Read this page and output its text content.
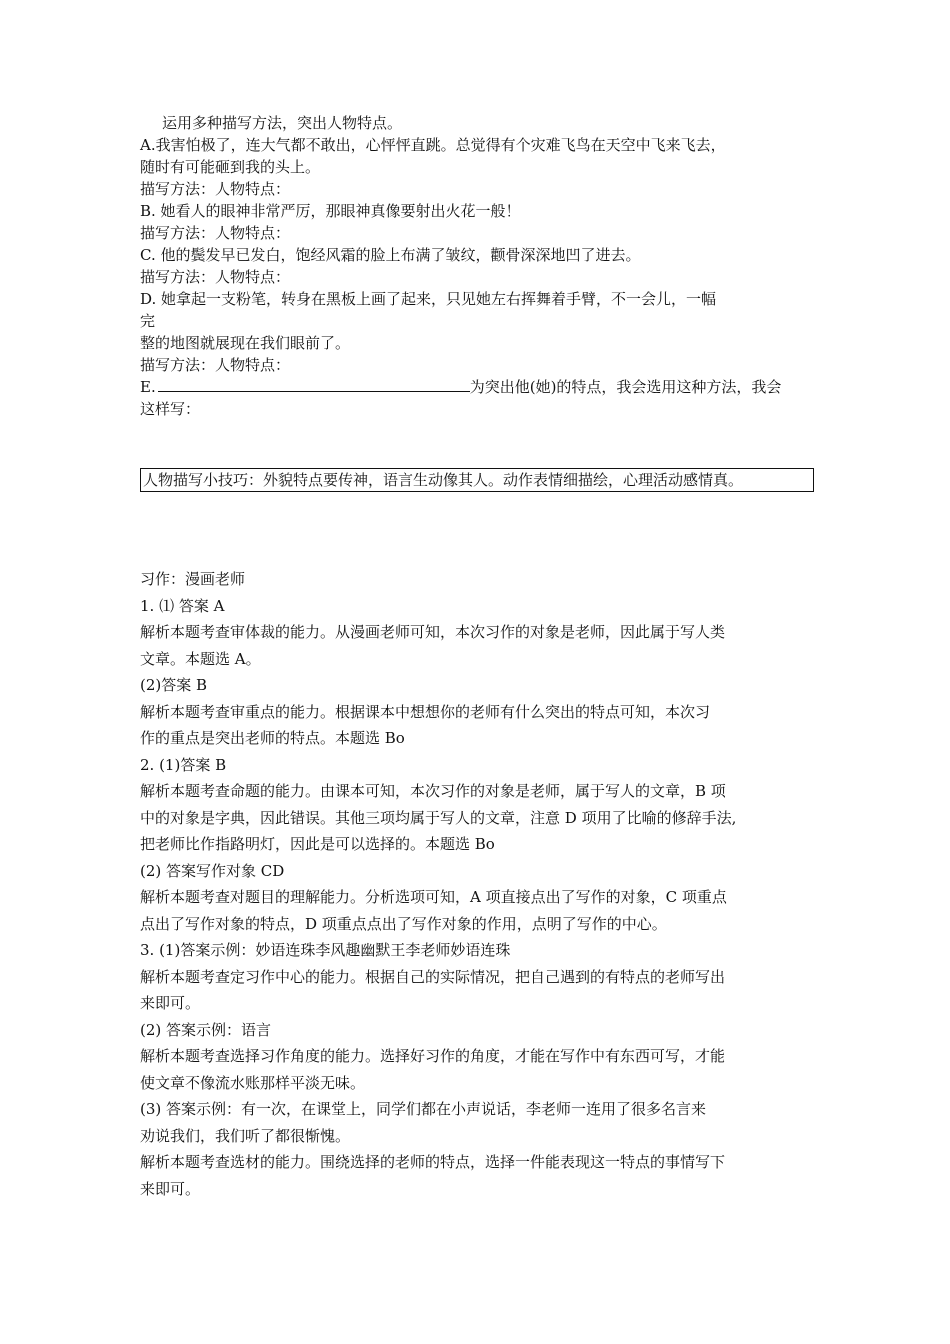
运用多种描写方法，突出人物特点。
A.我害怕极了，连大气都不敢出，心怦怦直跳。总觉得有个灾难飞鸟在天空中飞来飞去，
随时有可能砸到我的头上。
描写方法：人物特点：
B. 她看人的眼神非常严厉，那眼神真像要射出火花一般！
描写方法：人物特点：
C. 他的鬓发早已发白，饱经风霜的脸上布满了皱纹，颧骨深深地凹了进去。
描写方法：人物特点：
D. 她拿起一支粉笔，转身在黑板上画了起来，只见她左右挥舞着手臂，不一会儿，一幅
完
整的地图就展现在我们眼前了。
描写方法：人物特点：
E.	为突出他(她)的特点，我会选用这种方法，我会
这样写：
人物描写小技巧：外貌特点要传神，语言生动像其人。动作表情细描绘，心理活动感情真。
习作：漫画老师
1. ⑴ 答案 A
解析本题考查审体裁的能力。从漫画老师可知，本次习作的对象是老师，因此属于写人类
文章。本题选 A。
(2)答案 B
解析本题考查审重点的能力。根据课本中想想你的老师有什么突出的特点可知，本次习
作的重点是突出老师的特点。本题选 Bo
2. (1)答案 B
解析本题考查命题的能力。由课本可知，本次习作的对象是老师，属于写人的文章，B 项
中的对象是字典，因此错误。其他三项均属于写人的文章，注意 D 项用了比喻的修辞手法,
把老师比作指路明灯，因此是可以选择的。本题选 Bo
(2) 答案写作对象 CD
解析本题考查对题目的理解能力。分析选项可知，A 项直接点出了写作的对象，C 项重点
点出了写作对象的特点，D 项重点点出了写作对象的作用，点明了写作的中心。
3. (1)答案示例：妙语连珠李风趣幽默王李老师妙语连珠
解析本题考查定习作中心的能力。根据自己的实际情况，把自己遇到的有特点的老师写出
来即可。
(2) 答案示例：语言
解析本题考查选择习作角度的能力。选择好习作的角度，才能在写作中有东西可写，才能
使文章不像流水账那样平淡无味。
(3) 答案示例：有一次，在课堂上，同学们都在小声说话，李老师一连用了很多名言来
劝说我们，我们听了都很惭愧。
解析本题考查选材的能力。围绕选择的老师的特点，选择一件能表现这一特点的事情写下
来即可。
